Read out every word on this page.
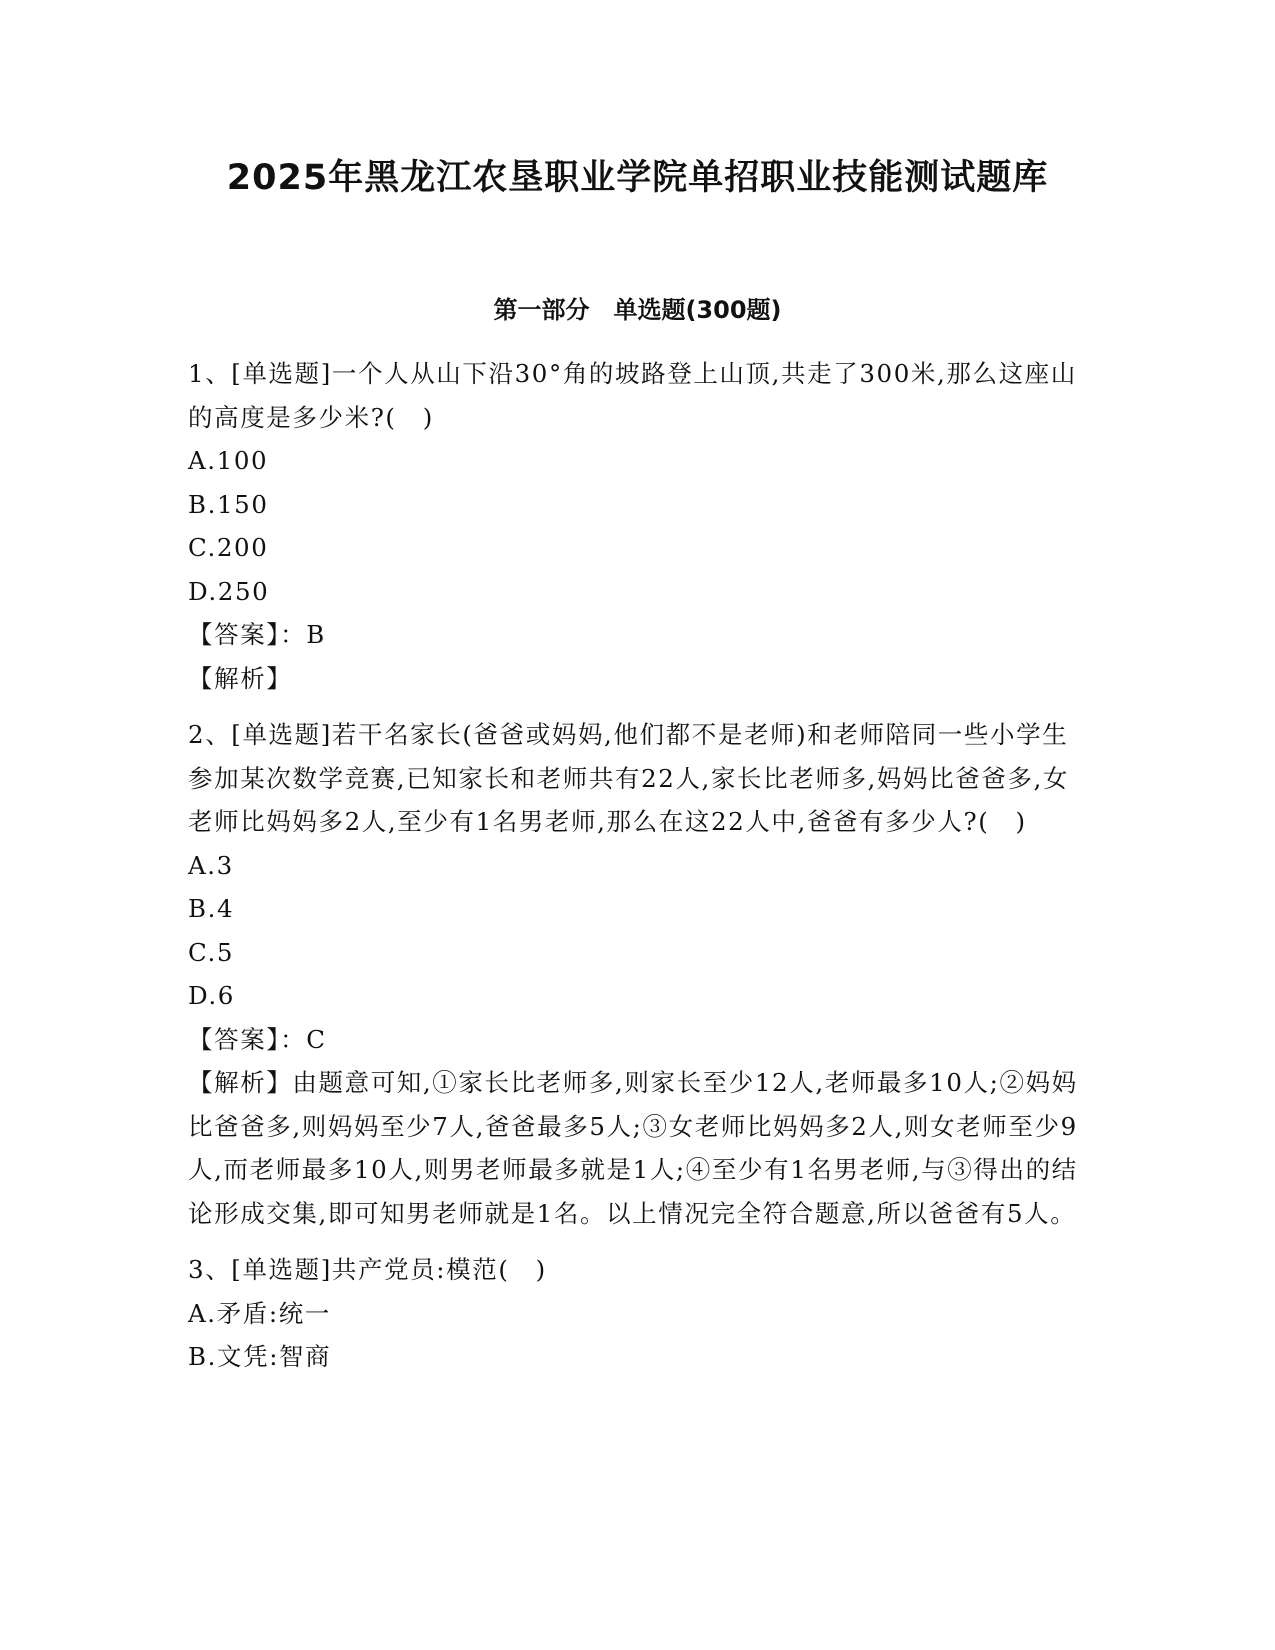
2025年黑龙江农垦职业学院单招职业技能测试题库
第一部分　单选题(300题)

1、[单选题]一个人从山下沿30°角的坡路登上山顶,共走了300米,那么这座山的高度是多少米?(　)

A.100

B.150

C.200

D.250

【答案】：B

【解析】

2、[单选题]若干名家长(爸爸或妈妈,他们都不是老师)和老师陪同一些小学生参加某次数学竞赛,已知家长和老师共有22人,家长比老师多,妈妈比爸爸多,女老师比妈妈多2人,至少有1名男老师,那么在这22人中,爸爸有多少人?(　)

A.3

B.4

C.5

D.6

【答案】：C

【解析】由题意可知,①家长比老师多,则家长至少12人,老师最多10人;②妈妈比爸爸多,则妈妈至少7人,爸爸最多5人;③女老师比妈妈多2人,则女老师至少9人,而老师最多10人,则男老师最多就是1人;④至少有1名男老师,与③得出的结论形成交集,即可知男老师就是1名。以上情况完全符合题意,所以爸爸有5人。

3、[单选题]共产党员:模范(　)

A.矛盾:统一

B.文凭:智商
